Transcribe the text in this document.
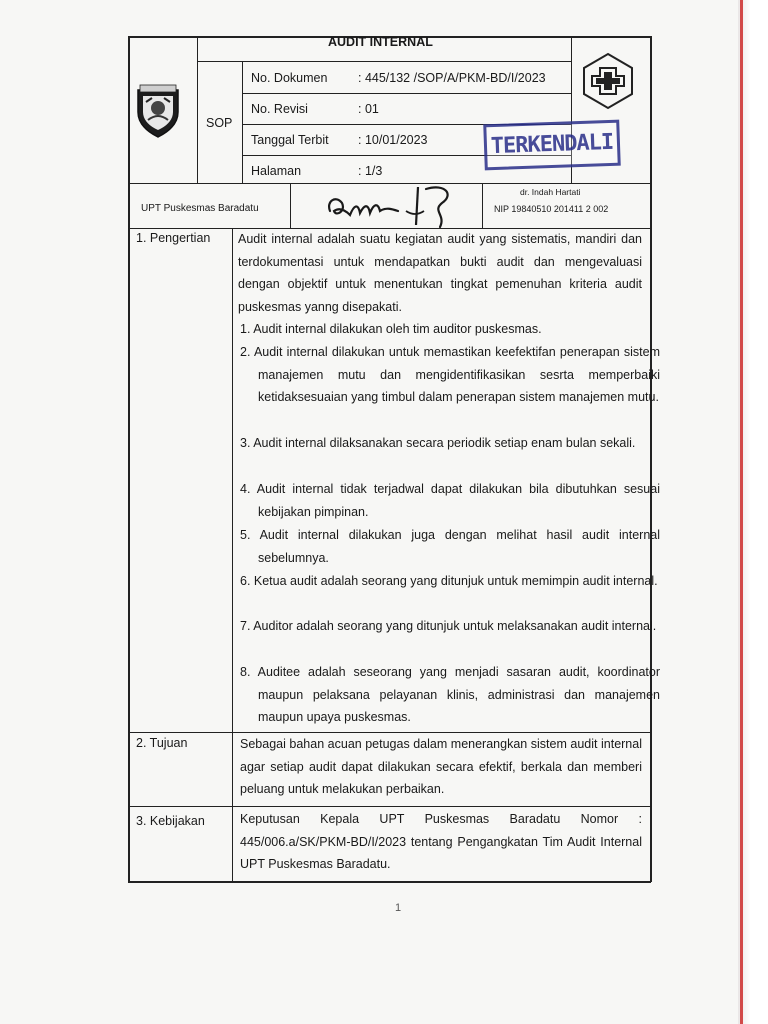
AUDIT INTERNAL
SOP
No. Dokumen : 445/132 /SOP/A/PKM-BD/I/2023
No. Revisi	: 01
Tanggal Terbit : 10/01/2023
Halaman	: 1/3
TERKENDALI
UPT Puskesmas Baradatu
dr. Indah Hartati
NIP 19840510 201411 2 002
1. Pengertian Audit internal adalah suatu kegiatan audit yang sistematis, mandiri dan terdokumentasi untuk mendapatkan bukti audit dan mengevaluasi dengan objektif untuk menentukan tingkat pemenuhan kriteria audit puskesmas yanng disepakati.
1. Audit internal dilakukan oleh tim auditor puskesmas.
2. Audit internal dilakukan untuk memastikan keefektifan penerapan sistem manajemen mutu dan mengidentifikasikan sesrta memperbaiki ketidaksesuaian yang timbul dalam penerapan sistem manajemen mutu.
3. Audit internal dilaksanakan secara periodik setiap enam bulan sekali.
4. Audit internal tidak terjadwal dapat dilakukan bila dibutuhkan sesuai kebijakan pimpinan.
5. Audit internal dilakukan juga dengan melihat hasil audit internal sebelumnya.
6. Ketua audit adalah seorang yang ditunjuk untuk memimpin audit internal.
7. Auditor adalah seorang yang ditunjuk untuk melaksanakan audit internal.
8. Auditee adalah seseorang yang menjadi sasaran audit, koordinator maupun pelaksana pelayanan klinis, administrasi dan manajemen maupun upaya puskesmas.
2. Tujuan	Sebagai bahan acuan petugas dalam menerangkan sistem audit internal agar setiap audit dapat dilakukan secara efektif, berkala dan memberi peluang untuk melakukan perbaikan.
3. Kebijakan	Keputusan Kepala UPT Puskesmas Baradatu Nomor : 445/006.a/SK/PKM-BD/I/2023 tentang Pengangkatan Tim Audit Internal UPT Puskesmas Baradatu.
1
